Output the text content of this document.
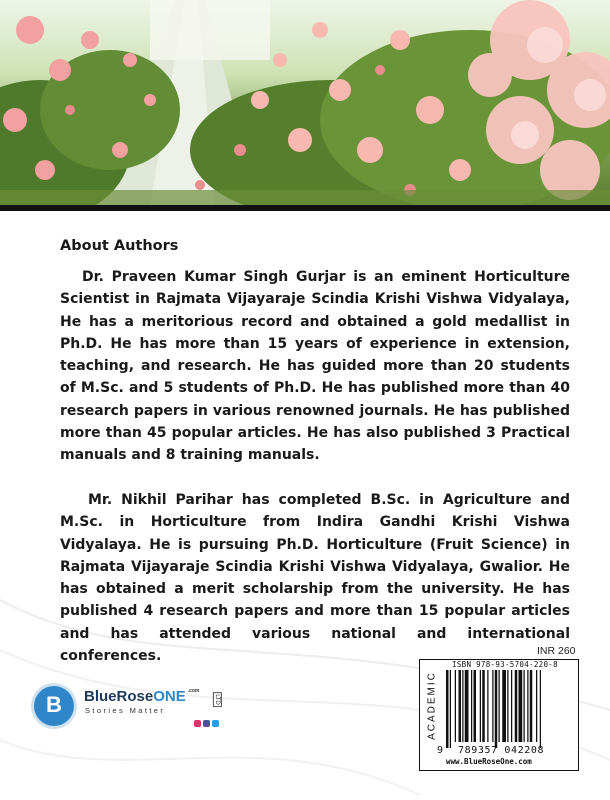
About Authors

Dr. Praveen Kumar Singh Gurjar is an eminent Horticulture Scientist in Rajmata Vijayaraje Scindia Krishi Vishwa Vidyalaya, He has a meritorious record and obtained a gold medallist in Ph.D. He has more than 15 years of experience in extension, teaching, and research. He has guided more than 20 students of M.Sc. and 5 students of Ph.D. He has published more than 40 research papers in various renowned journals. He has published more than 45 popular articles. He has also published 3 Practical manuals and 8 training manuals.

Mr. Nikhil Parihar has completed B.Sc. in Agriculture and M.Sc. in Horticulture from Indira Gandhi Krishi Vishwa Vidyalaya. He is pursuing Ph.D. Horticulture (Fruit Science) in Rajmata Vijayaraje Scindia Krishi Vishwa Vidyalaya, Gwalior. He has obtained a merit scholarship from the university. He has published 4 research papers and more than 15 popular articles and has attended various national and international conferences.

B	BlueRoseONE $^{.com}$
Stories Matter
LTD
INR 260
ACADEMIC
ISBN 978-93-5704-220-8
9 789357 042208
www.BlueRoseOne.com
